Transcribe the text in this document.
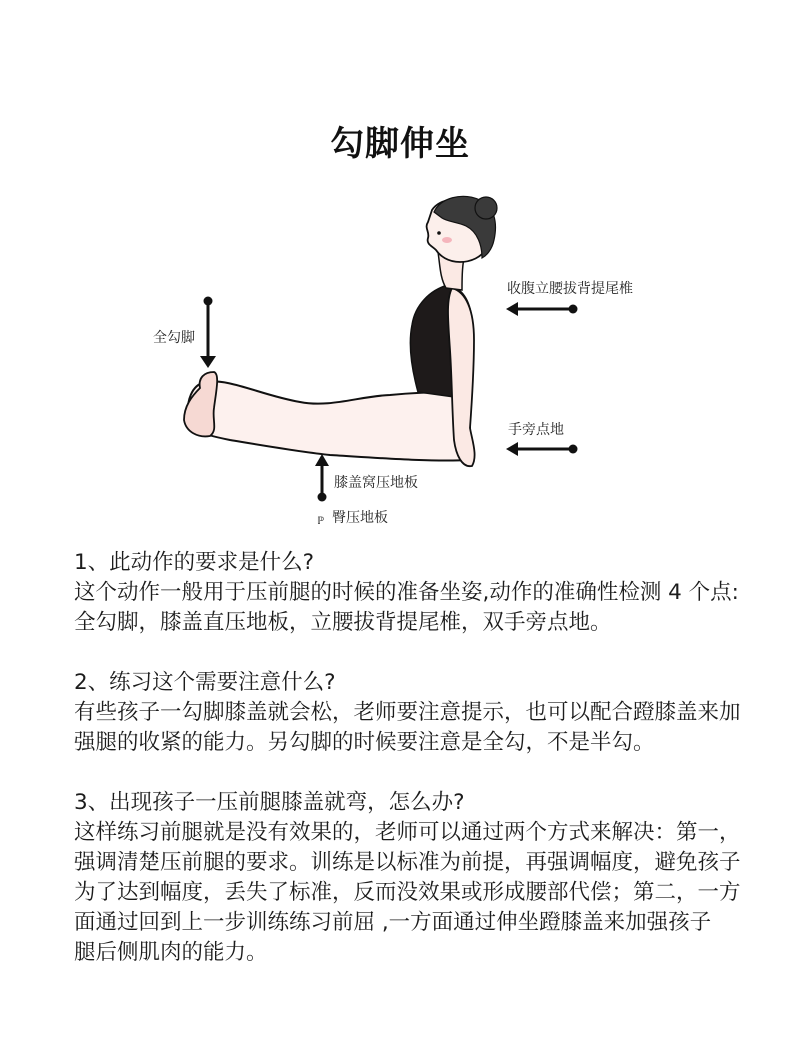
勾脚伸坐
ℙ
全勾脚
收腹立腰拔背提尾椎
手旁点地
膝盖窝压地板
臀压地板

1、此动作的要求是什么?

这个动作一般用于压前腿的时候的准备坐姿,动作的准确性检测 4 个点:

全勾脚，膝盖直压地板，立腰拔背提尾椎，双手旁点地。

2、练习这个需要注意什么?

有些孩子一勾脚膝盖就会松，老师要注意提示，也可以配合蹬膝盖来加

强腿的收紧的能力。另勾脚的时候要注意是全勾，不是半勾。

3、出现孩子一压前腿膝盖就弯，怎么办?

这样练习前腿就是没有效果的，老师可以通过两个方式来解决：第一，

强调清楚压前腿的要求。训练是以标准为前提，再强调幅度，避免孩子

为了达到幅度，丢失了标准，反而没效果或形成腰部代偿；第二，一方

面通过回到上一步训练练习前屈 ,一方面通过伸坐蹬膝盖来加强孩子

腿后侧肌肉的能力。
